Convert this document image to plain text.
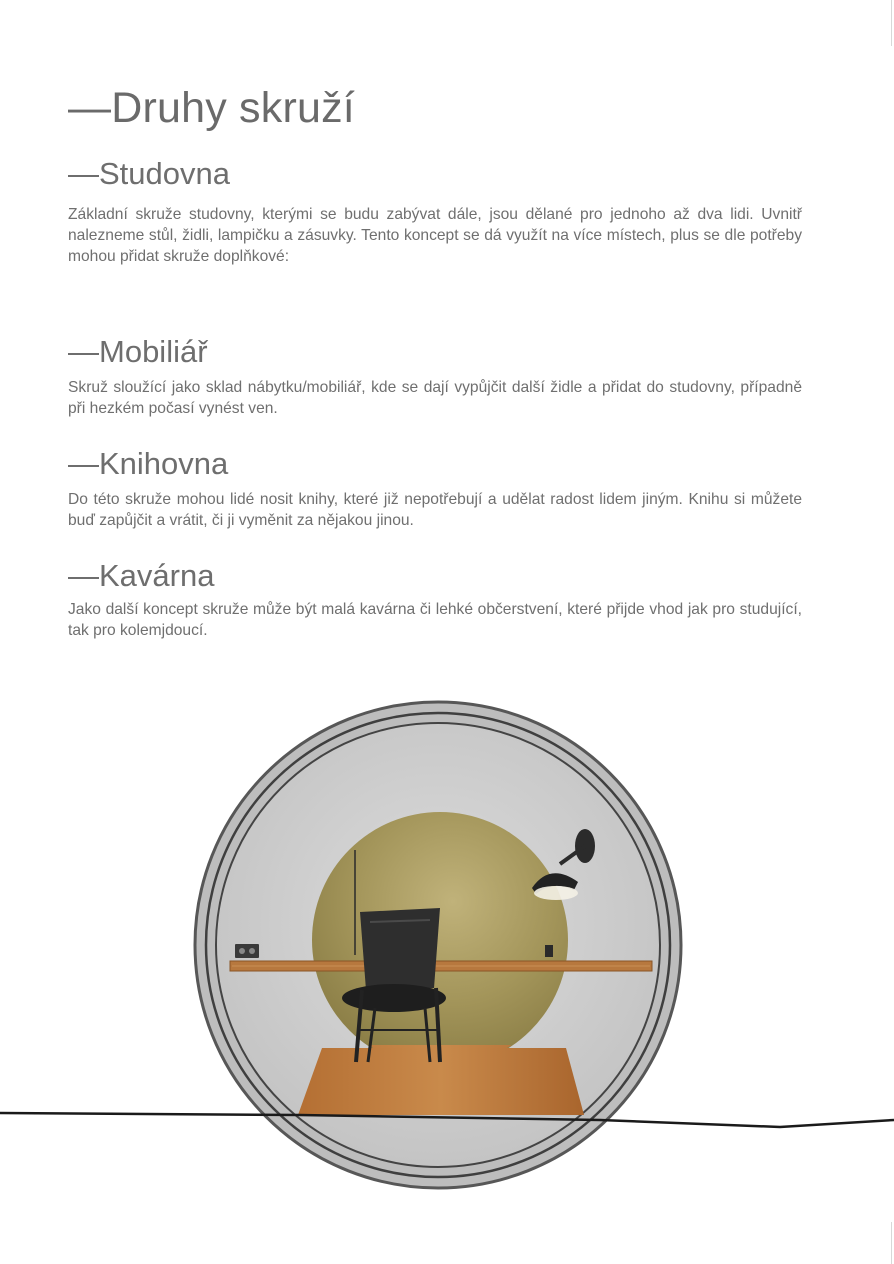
—Druhy skruží
—Studovna

Základní skruže studovny, kterými se budu zabývat dále, jsou dělané pro jednoho až dva lidi. Uvnitř nalezneme stůl, židli, lampičku a zásuvky. Tento koncept se dá využít na více místech, plus se dle potřeby mohou přidat skruže doplňkové:

—Mobiliář

Skruž sloužící jako sklad nábytku/mobiliář, kde se dají vypůjčit další židle a přidat do studovny, případně při hezkém počasí vynést ven.

—Knihovna

Do této skruže mohou lidé nosit knihy, které již nepotřebují a udělat radost lidem jiným. Knihu si můžete buď zapůjčit a vrátit, či ji vyměnit za nějakou jinou.

—Kavárna

Jako další koncept skruže může být malá kavárna či lehké občerstvení, které přijde vhod jak pro studující, tak pro kolemjdoucí.
